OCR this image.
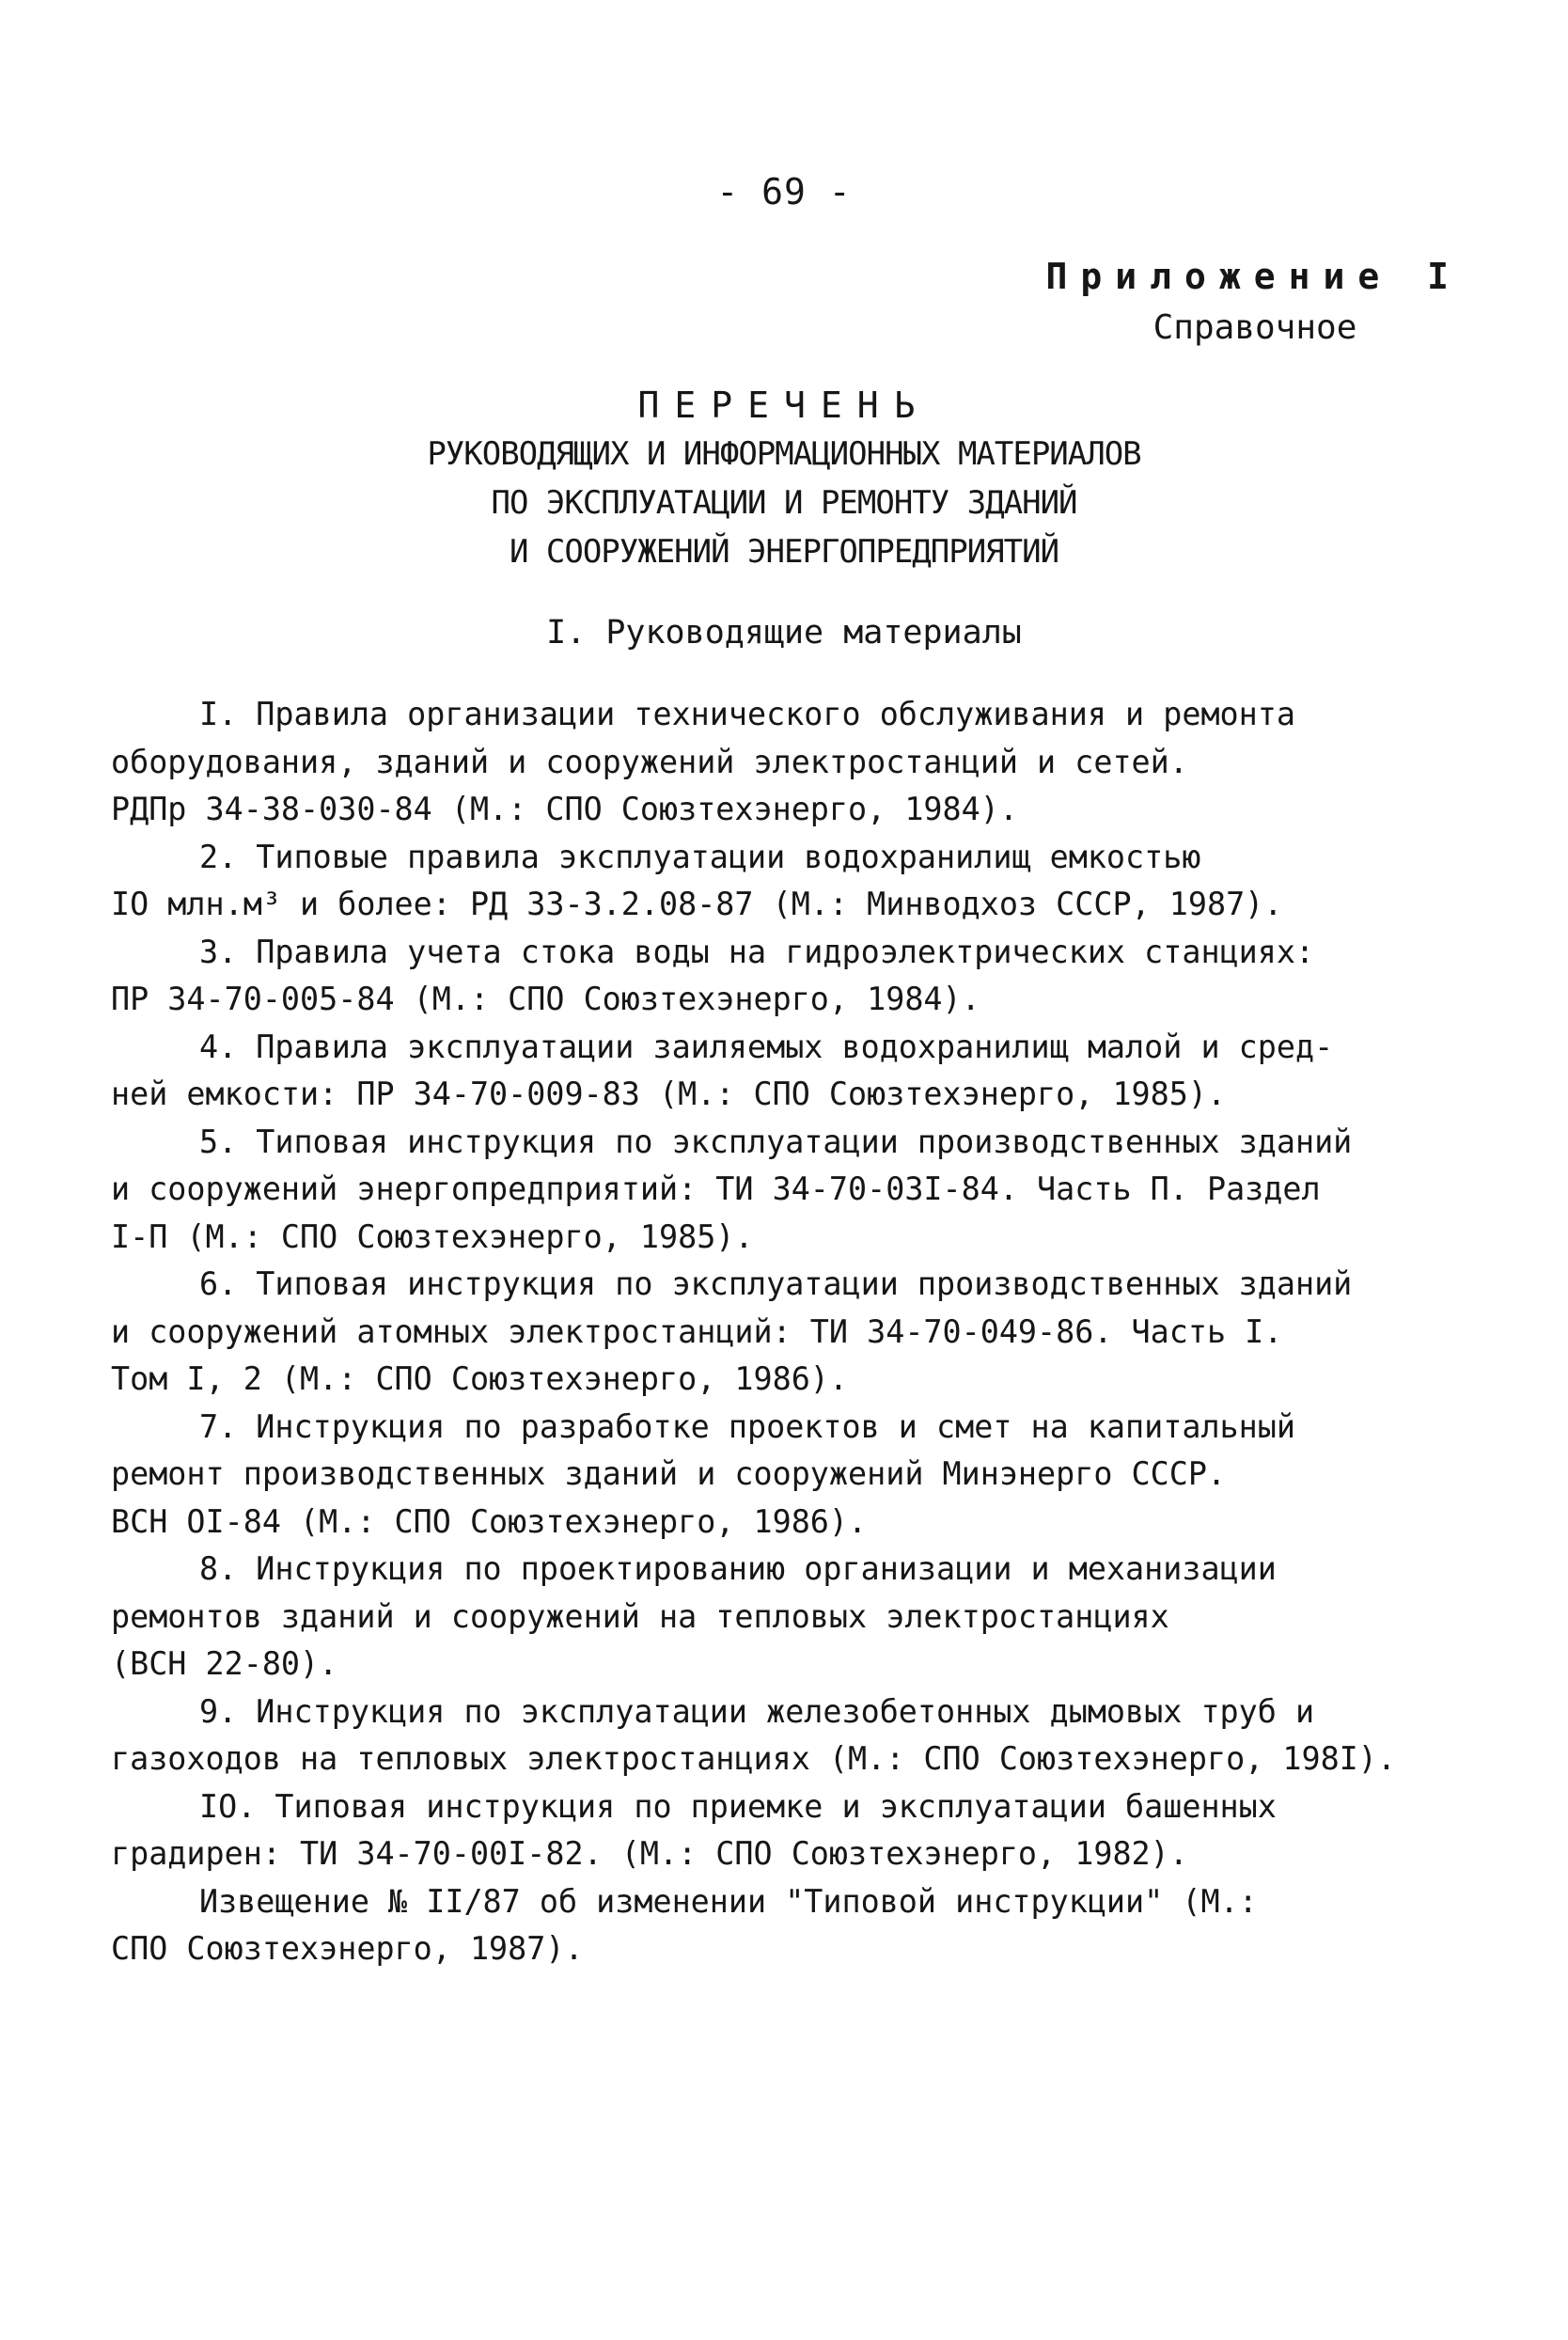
- 69 -
Приложение I
Справочное
ПЕРЕЧЕНЬ
РУКОВОДЯЩИХ И ИНФОРМАЦИОННЫХ МАТЕРИАЛОВ
ПО ЭКСПЛУАТАЦИИ И РЕМОНТУ ЗДАНИЙ
И СООРУЖЕНИЙ ЭНЕРГОПРЕДПРИЯТИЙ
I. Руководящие материалы
I. Правила организации технического обслуживания и ремонта
оборудования, зданий и сооружений электростанций и сетей.
РДПр 34-38-030-84 (М.: СПО Союзтехэнерго, 1984).
2. Типовые правила эксплуатации водохранилищ емкостью
IO млн.м³ и более: РД 33-3.2.08-87 (М.: Минводхоз СССР, 1987).
3. Правила учета стока воды на гидроэлектрических станциях:
ПР 34-70-005-84 (М.: СПО Союзтехэнерго, 1984).
4. Правила эксплуатации заиляемых водохранилищ малой и сред-
ней емкости: ПР 34-70-009-83 (М.: СПО Союзтехэнерго, 1985).
5. Типовая инструкция по эксплуатации производственных зданий
и сооружений энергопредприятий: ТИ 34-70-03I-84. Часть П. Раздел
I-П (М.: СПО Союзтехэнерго, 1985).
6. Типовая инструкция по эксплуатации производственных зданий
и сооружений атомных электростанций: ТИ 34-70-049-86. Часть I.
Том I, 2 (М.: СПО Союзтехэнерго, 1986).
7. Инструкция по разработке проектов и смет на капитальный
ремонт производственных зданий и сооружений Минэнерго СССР.
ВСН OI-84 (М.: СПО Союзтехэнерго, 1986).
8. Инструкция по проектированию организации и механизации
ремонтов зданий и сооружений на тепловых электростанциях
(ВСН 22-80).
9. Инструкция по эксплуатации железобетонных дымовых труб и
газоходов на тепловых электростанциях (М.: СПО Союзтехэнерго, 198I).
IO. Типовая инструкция по приемке и эксплуатации башенных
градирен: ТИ 34-70-00I-82. (М.: СПО Союзтехэнерго, 1982).
Извещение № II/87 об изменении "Типовой инструкции" (М.:
СПО Союзтехэнерго, 1987).
